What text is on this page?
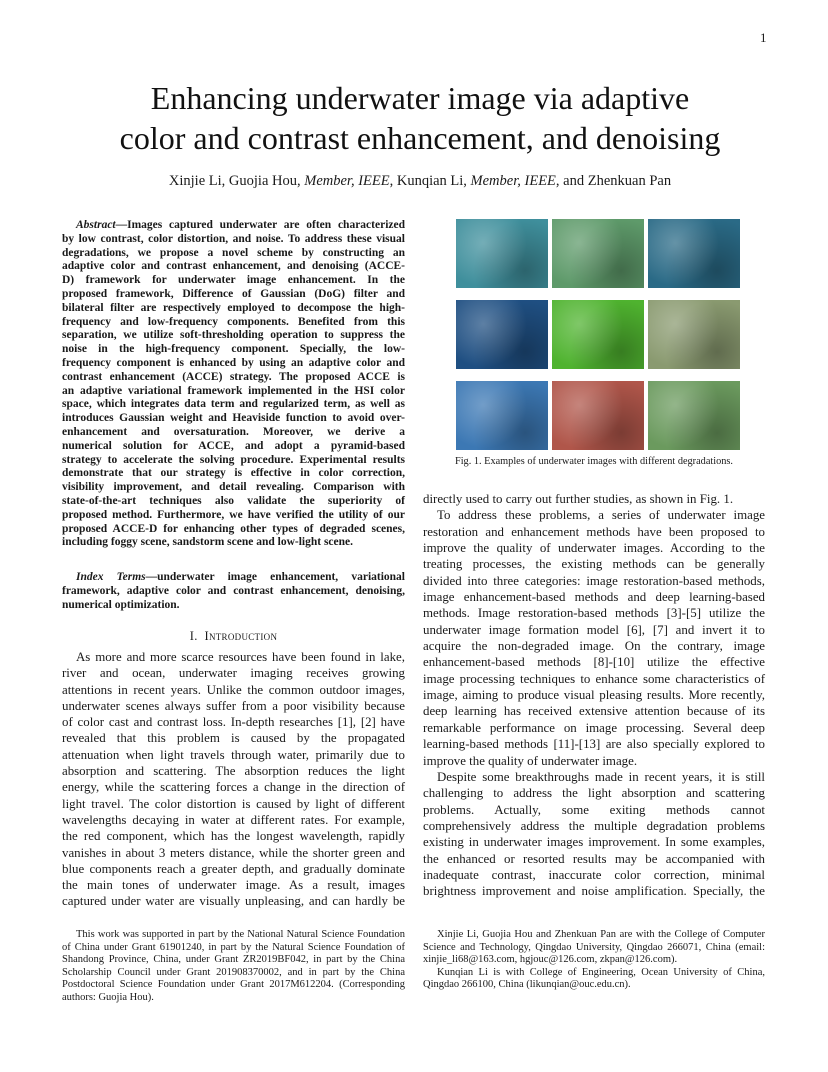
1
Enhancing underwater image via adaptive
color and contrast enhancement, and denoising
Xinjie Li, Guojia Hou, Member, IEEE, Kunqian Li, Member, IEEE, and Zhenkuan Pan
Abstract—Images captured underwater are often characterized
by low contrast, color distortion, and noise. To address these visual
degradations, we propose a novel scheme by constructing an
adaptive color and contrast enhancement, and denoising (ACCE-
D) framework for underwater image enhancement. In the
proposed framework, Difference of Gaussian (DoG) filter and
bilateral filter are respectively employed to decompose the high-
frequency and low-frequency components. Benefited from this
separation, we utilize soft-thresholding operation to suppress the
noise in the high-frequency component. Specially, the low-
frequency component is enhanced by using an adaptive color and
contrast enhancement (ACCE) strategy. The proposed ACCE is
an adaptive variational framework implemented in the HSI color
space, which integrates data term and regularized term, as well as
introduces Gaussian weight and Heaviside function to avoid over-
enhancement and oversaturation. Moreover, we derive a
numerical solution for ACCE, and adopt a pyramid-based
strategy to accelerate the solving procedure. Experimental results
demonstrate that our strategy is effective in color correction,
visibility improvement, and detail revealing. Comparison with
state-of-the-art techniques also validate the superiority of
proposed method. Furthermore, we have verified the utility of our
proposed ACCE-D for enhancing other types of degraded scenes,
including foggy scene, sandstorm scene and low-light scene.
Index Terms—underwater image enhancement, variational
framework, adaptive color and contrast enhancement, denoising,
numerical optimization.
I. Introduction
As more and more scarce resources have been found in lake,
river and ocean, underwater imaging receives growing
attentions in recent years. Unlike the common outdoor images,
underwater scenes always suffer from a poor visibility because
of color cast and contrast loss. In-depth researches [1], [2] have
revealed that this problem is caused by the propagated
attenuation when light travels through water, primarily due to
absorption and scattering. The absorption reduces the light
energy, while the scattering forces a change in the direction of
light travel. The color distortion is caused by light of different
wavelengths decaying in water at different rates. For example,
the red component, which has the longest wavelength, rapidly
vanishes in about 3 meters distance, while the shorter green and
blue components reach a greater depth, and gradually dominate
the main tones of underwater image. As a result, images
captured under water are visually unpleasing, and can hardly be
Fig. 1. Examples of underwater images with different degradations.
directly used to carry out further studies, as shown in Fig. 1.
To address these problems, a series of underwater image
restoration and enhancement methods have been proposed to
improve the quality of underwater images. According to the
treating processes, the existing methods can be generally
divided into three categories: image restoration-based methods,
image enhancement-based methods and deep learning-based
methods. Image restoration-based methods [3]-[5] utilize the
underwater image formation model [6], [7] and invert it to
acquire the non-degraded image. On the contrary, image
enhancement-based methods [8]-[10] utilize the effective
image processing techniques to enhance some characteristics of
image, aiming to produce visual pleasing results. More recently,
deep learning has received extensive attention because of its
remarkable performance on image processing. Several deep
learning-based methods [11]-[13] are also specially explored to
improve the quality of underwater image.
Despite some breakthroughs made in recent years, it is still
challenging to address the light absorption and scattering
problems. Actually, some exiting methods cannot
comprehensively address the multiple degradation problems
existing in underwater images improvement. In some examples,
the enhanced or resorted results may be accompanied with
inadequate contrast, inaccurate color correction, minimal
brightness improvement and noise amplification. Specially, the
This work was supported in part by the National Natural Science Foundation
of China under Grant 61901240, in part by the Natural Science Foundation of
Shandong Province, China, under Grant ZR2019BF042, in part by the China
Scholarship Council under Grant 201908370002, and in part by the China
Postdoctoral Science Foundation under Grant 2017M612204. (Corresponding
authors: Guojia Hou).
Xinjie Li, Guojia Hou and Zhenkuan Pan are with the College of Computer
Science and Technology, Qingdao University, Qingdao 266071, China (email:
xinjie_li68@163.com, hgjouc@126.com, zkpan@126.com).
Kunqian Li is with College of Engineering, Ocean University of China,
Qingdao 266100, China (likunqian@ouc.edu.cn).
